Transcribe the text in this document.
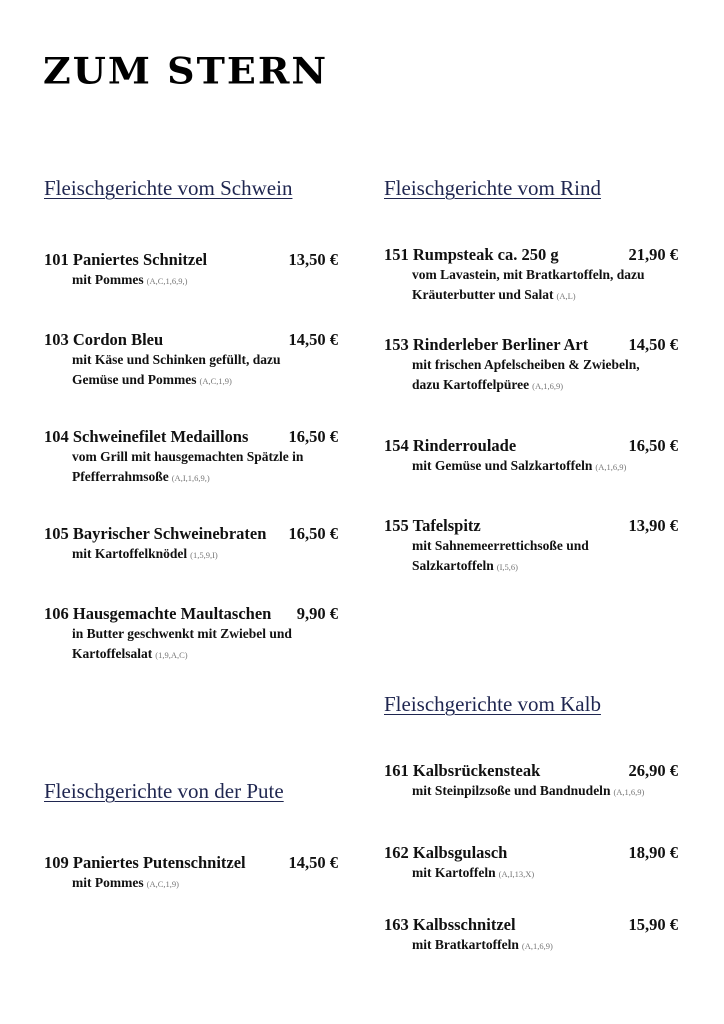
ZUM STERN
Fleischgerichte vom Schwein
101 Paniertes Schnitzel	13,50 €
mit Pommes (A,C,1,6,9,)
103 Cordon Bleu	14,50 €
mit Käse und Schinken gefüllt, dazu
Gemüse und Pommes (A,C,1,9)
104 Schweinefilet Medaillons 16,50 €
vom Grill mit hausgemachten Spätzle in
Pfefferrahmsoße (A,I,1,6,9,)
105 Bayrischer Schweinebraten 16,50 €
mit Kartoffelknödel (1,5,9,I)
106 Hausgemachte Maultaschen 9,90 €
in Butter geschwenkt mit Zwiebel und
Kartoffelsalat (1,9,A,C)
Fleischgerichte von der Pute
109 Paniertes Putenschnitzel	14,50 €
mit Pommes (A,C,1,9)
Fleischgerichte vom Rind
151 Rumpsteak ca. 250 g	21,90 €
vom Lavastein, mit Bratkartoffeln, dazu
Kräuterbutter und Salat (A,L)
153 Rinderleber Berliner Art 14,50 €
mit frischen Apfelscheiben & Zwiebeln,
dazu Kartoffelpüree (A,1,6,9)
154 Rinderroulade	16,50 €
mit Gemüse und Salzkartoffeln (A,1,6,9)
155 Tafelspitz	13,90 €
mit Sahnemeerrettichsoße und
Salzkartoffeln (I,5,6)
Fleischgerichte vom Kalb
161 Kalbsrückensteak	26,90 €
mit Steinpilzsoße und Bandnudeln (A,1,6,9)
162 Kalbsgulasch	18,90 €
mit Kartoffeln (A,I,13,X)
163 Kalbsschnitzel	15,90 €
mit Bratkartoffeln (A,1,6,9)
